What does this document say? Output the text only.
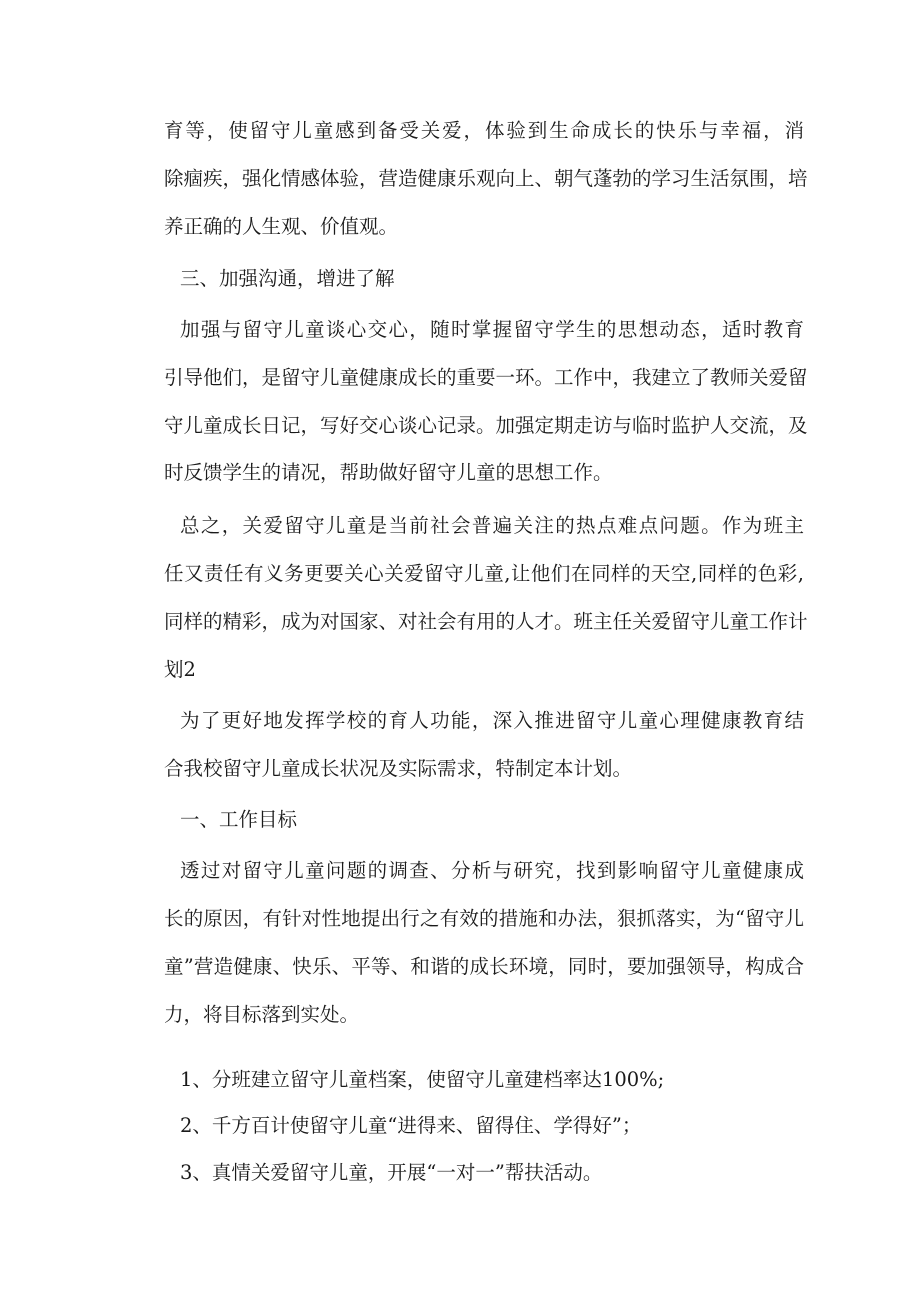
育等，使留守儿童感到备受关爱，体验到生命成长的快乐与幸福，消
除痼疾，强化情感体验，营造健康乐观向上、朝气蓬勃的学习生活氛围，培
养正确的人生观、价值观。
三、加强沟通，增进了解
加强与留守儿童谈心交心，随时掌握留守学生的思想动态，适时教育
引导他们，是留守儿童健康成长的重要一环。工作中，我建立了教师关爱留
守儿童成长日记，写好交心谈心记录。加强定期走访与临时监护人交流，及
时反馈学生的请况，帮助做好留守儿童的思想工作。
总之，关爱留守儿童是当前社会普遍关注的热点难点问题。作为班主
任又责任有义务更要关心关爱留守儿童,让他们在同样的天空,同样的色彩,
同样的精彩，成为对国家、对社会有用的人才。班主任关爱留守儿童工作计
划2
为了更好地发挥学校的育人功能，深入推进留守儿童心理健康教育结
合我校留守儿童成长状况及实际需求，特制定本计划。
一、工作目标
透过对留守儿童问题的调查、分析与研究，找到影响留守儿童健康成
长的原因，有针对性地提出行之有效的措施和办法，狠抓落实，为“留守儿
童”营造健康、快乐、平等、和谐的成长环境，同时，要加强领导，构成合
力，将目标落到实处。
1、分班建立留守儿童档案，使留守儿童建档率达100%;
2、千方百计使留守儿童“进得来、留得住、学得好”；
3、真情关爱留守儿童，开展“一对一”帮扶活动。
